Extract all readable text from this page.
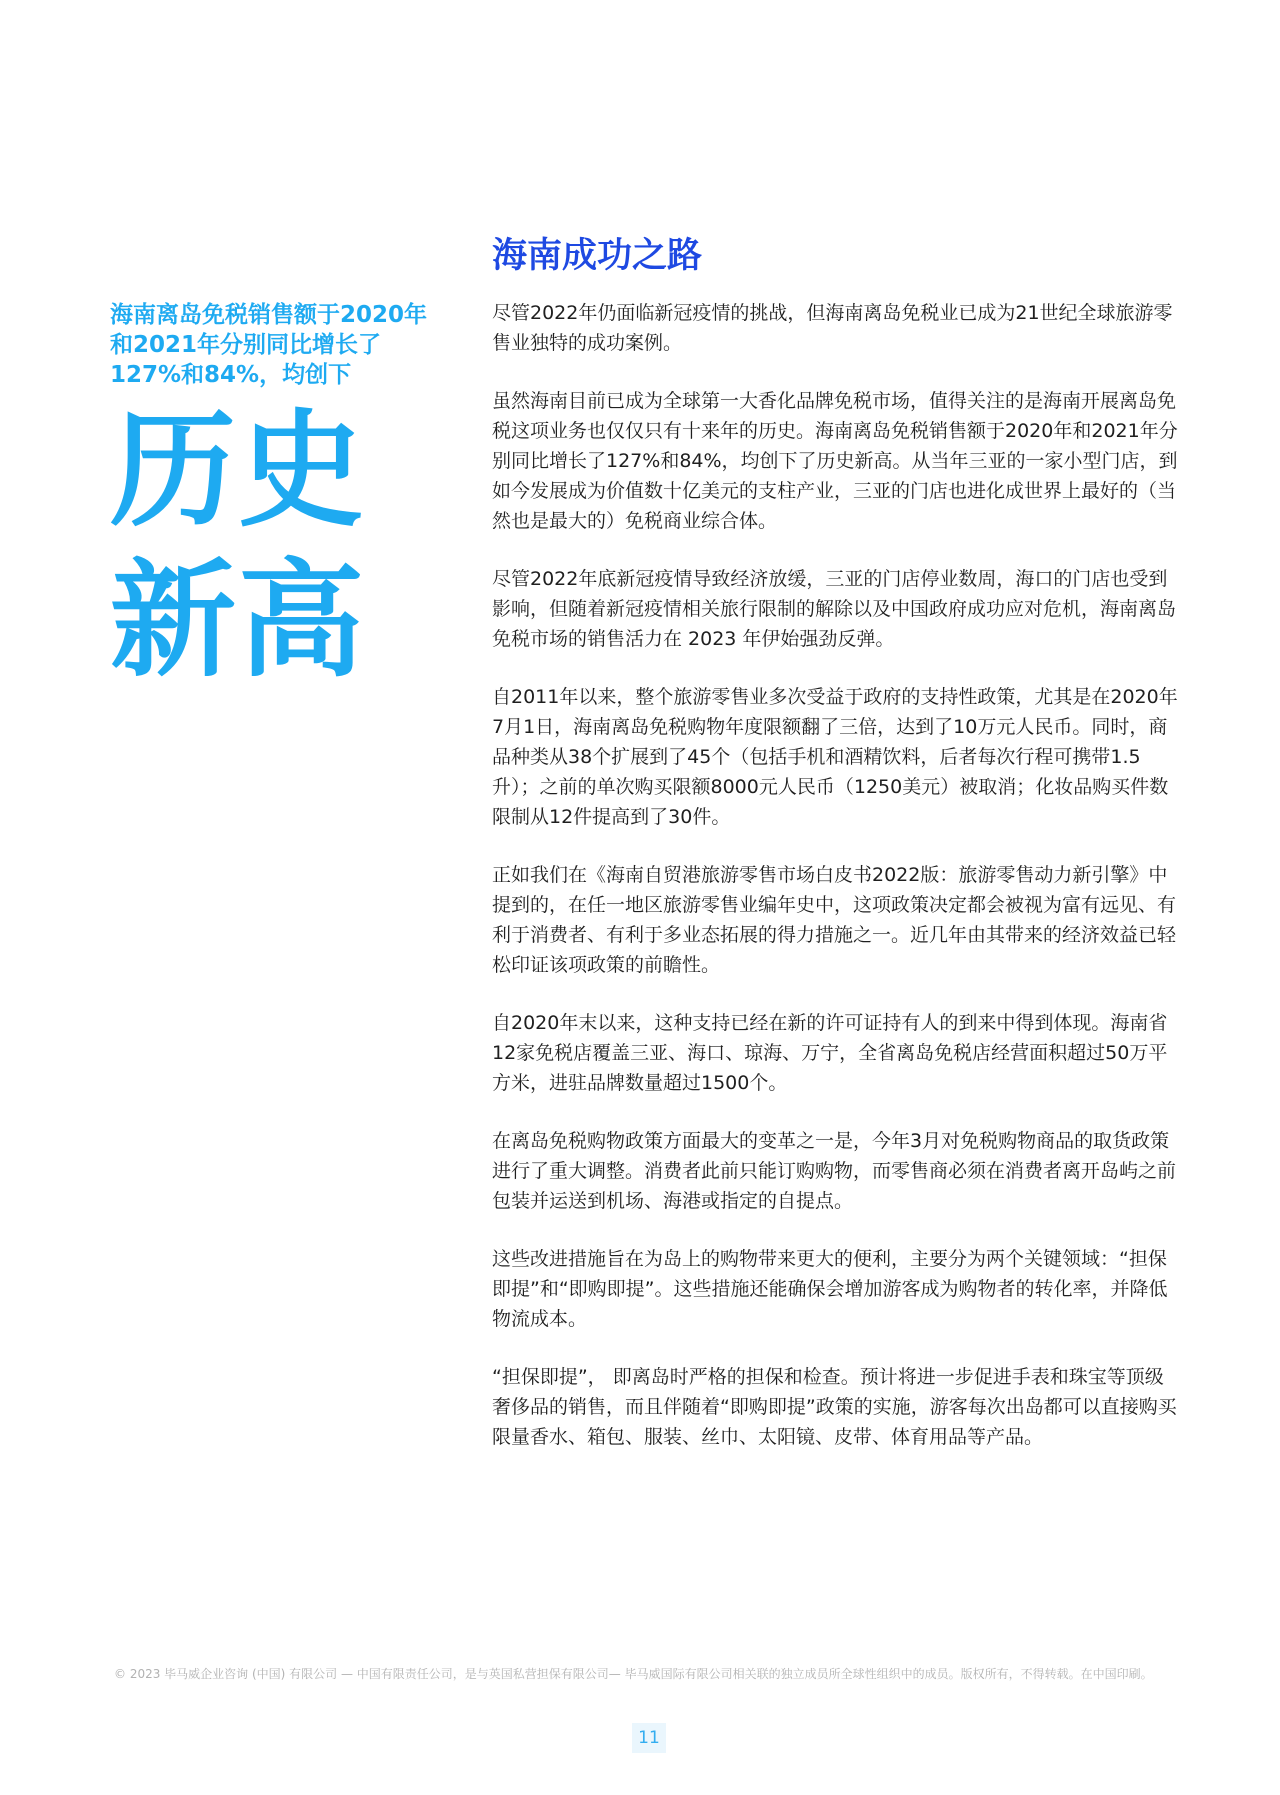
海南离岛免税销售额于2020年和2021年分别同比增长了127%和84%，均创下

历史

新高

海南成功之路

尽管2022年仍面临新冠疫情的挑战，但海南离岛免税业已成为21世纪全球旅游零售业独特的成功案例。

虽然海南目前已成为全球第一大香化品牌免税市场，值得关注的是海南开展离岛免税这项业务也仅仅只有十来年的历史。海南离岛免税销售额于2020年和2021年分别同比增长了127%和84%，均创下了历史新高。从当年三亚的一家小型门店，到如今发展成为价值数十亿美元的支柱产业，三亚的门店也进化成世界上最好的（当然也是最大的）免税商业综合体。

尽管2022年底新冠疫情导致经济放缓，三亚的门店停业数周，海口的门店也受到影响，但随着新冠疫情相关旅行限制的解除以及中国政府成功应对危机，海南离岛免税市场的销售活力在 2023 年伊始强劲反弹。

自2011年以来，整个旅游零售业多次受益于政府的支持性政策，尤其是在2020年7月1日，海南离岛免税购物年度限额翻了三倍，达到了10万元人民币。同时，商品种类从38个扩展到了45个（包括手机和酒精饮料，后者每次行程可携带1.5升）；之前的单次购买限额8000元人民币（1250美元）被取消；化妆品购买件数限制从12件提高到了30件。

正如我们在《海南自贸港旅游零售市场白皮书2022版：旅游零售动力新引擎》中提到的，在任一地区旅游零售业编年史中，这项政策决定都会被视为富有远见、有利于消费者、有利于多业态拓展的得力措施之一。近几年由其带来的经济效益已轻松印证该项政策的前瞻性。

自2020年末以来，这种支持已经在新的许可证持有人的到来中得到体现。海南省12家免税店覆盖三亚、海口、琼海、万宁，全省离岛免税店经营面积超过50万平方米，进驻品牌数量超过1500个。

在离岛免税购物政策方面最大的变革之一是，今年3月对免税购物商品的取货政策进行了重大调整。消费者此前只能订购购物，而零售商必须在消费者离开岛屿之前包装并运送到机场、海港或指定的自提点。

这些改进措施旨在为岛上的购物带来更大的便利，主要分为两个关键领域：“担保即提”和“即购即提”。这些措施还能确保会增加游客成为购物者的转化率，并降低物流成本。

“担保即提”， 即离岛时严格的担保和检查。预计将进一步促进手表和珠宝等顶级奢侈品的销售，而且伴随着“即购即提”政策的实施，游客每次出岛都可以直接购买限量香水、箱包、服装、丝巾、太阳镜、皮带、体育用品等产品。

© 2023 毕马威企业咨询 (中国) 有限公司 — 中国有限责任公司，是与英国私营担保有限公司— 毕马威国际有限公司相关联的独立成员所全球性组织中的成员。版权所有，不得转载。在中国印刷。
11
